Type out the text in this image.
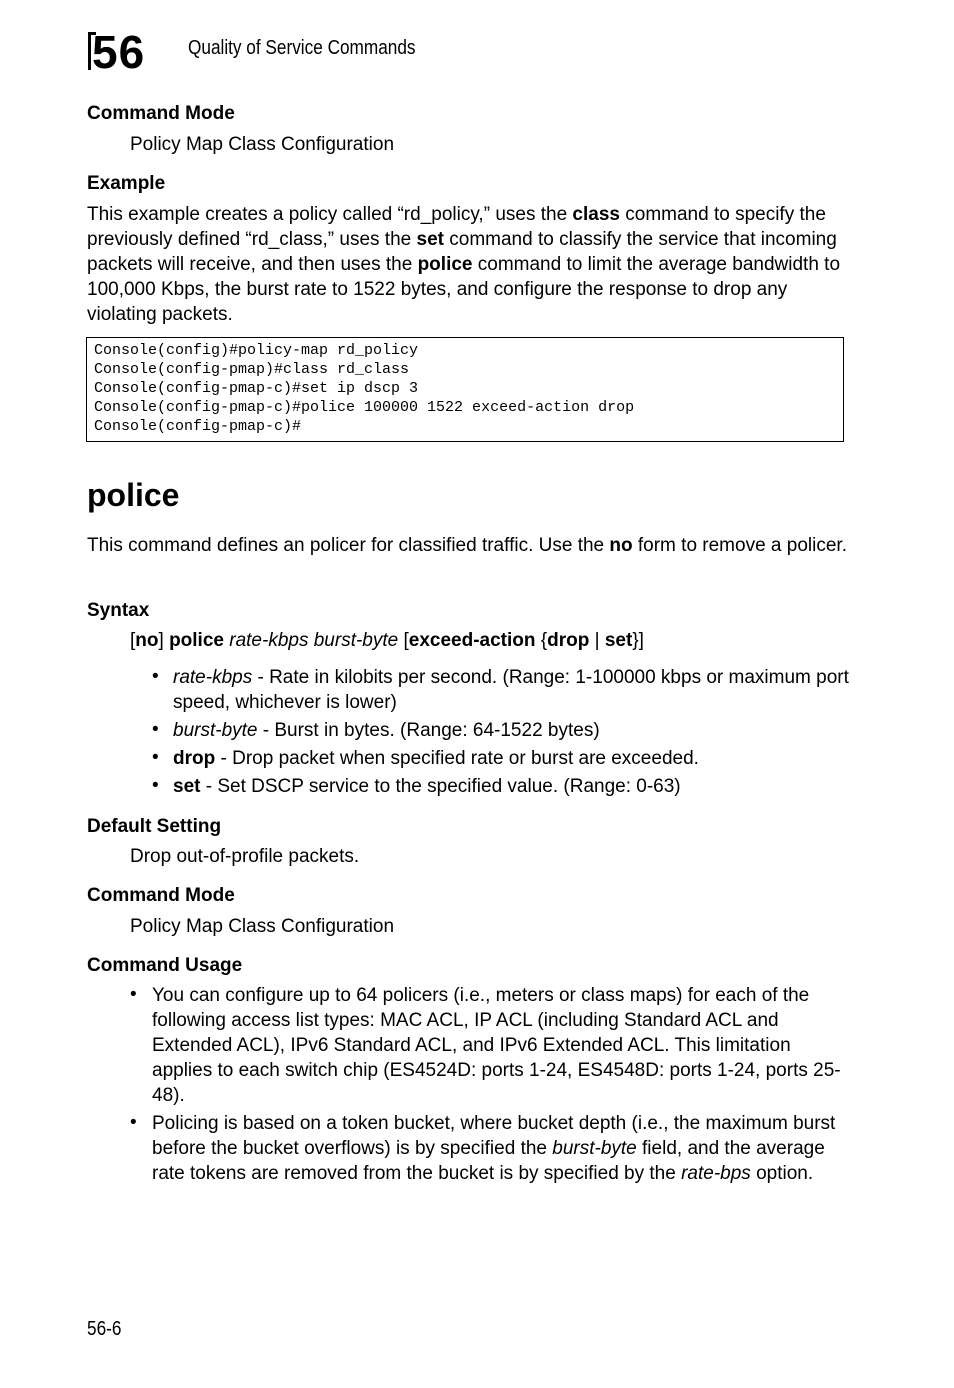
56 Quality of Service Commands
Command Mode
Policy Map Class Configuration
Example
This example creates a policy called “rd_policy,” uses the class command to specify the previously defined “rd_class,” uses the set command to classify the service that incoming packets will receive, and then uses the police command to limit the average bandwidth to 100,000 Kbps, the burst rate to 1522 bytes, and configure the response to drop any violating packets.
Console(config)#policy-map rd_policy
Console(config-pmap)#class rd_class
Console(config-pmap-c)#set ip dscp 3
Console(config-pmap-c)#police 100000 1522 exceed-action drop
Console(config-pmap-c)#
police
This command defines an policer for classified traffic. Use the no form to remove a policer.
Syntax
[no] police rate-kbps burst-byte [exceed-action {drop | set}]
• rate-kbps - Rate in kilobits per second. (Range: 1-100000 kbps or maximum port speed, whichever is lower)
• burst-byte - Burst in bytes. (Range: 64-1522 bytes)
• drop - Drop packet when specified rate or burst are exceeded.
• set - Set DSCP service to the specified value. (Range: 0-63)
Default Setting
Drop out-of-profile packets.
Command Mode
Policy Map Class Configuration
Command Usage
• You can configure up to 64 policers (i.e., meters or class maps) for each of the following access list types: MAC ACL, IP ACL (including Standard ACL and Extended ACL), IPv6 Standard ACL, and IPv6 Extended ACL. This limitation applies to each switch chip (ES4524D: ports 1-24, ES4548D: ports 1-24, ports 25-48).
• Policing is based on a token bucket, where bucket depth (i.e., the maximum burst before the bucket overflows) is by specified the burst-byte field, and the average rate tokens are removed from the bucket is by specified by the rate-bps option.
56-6
